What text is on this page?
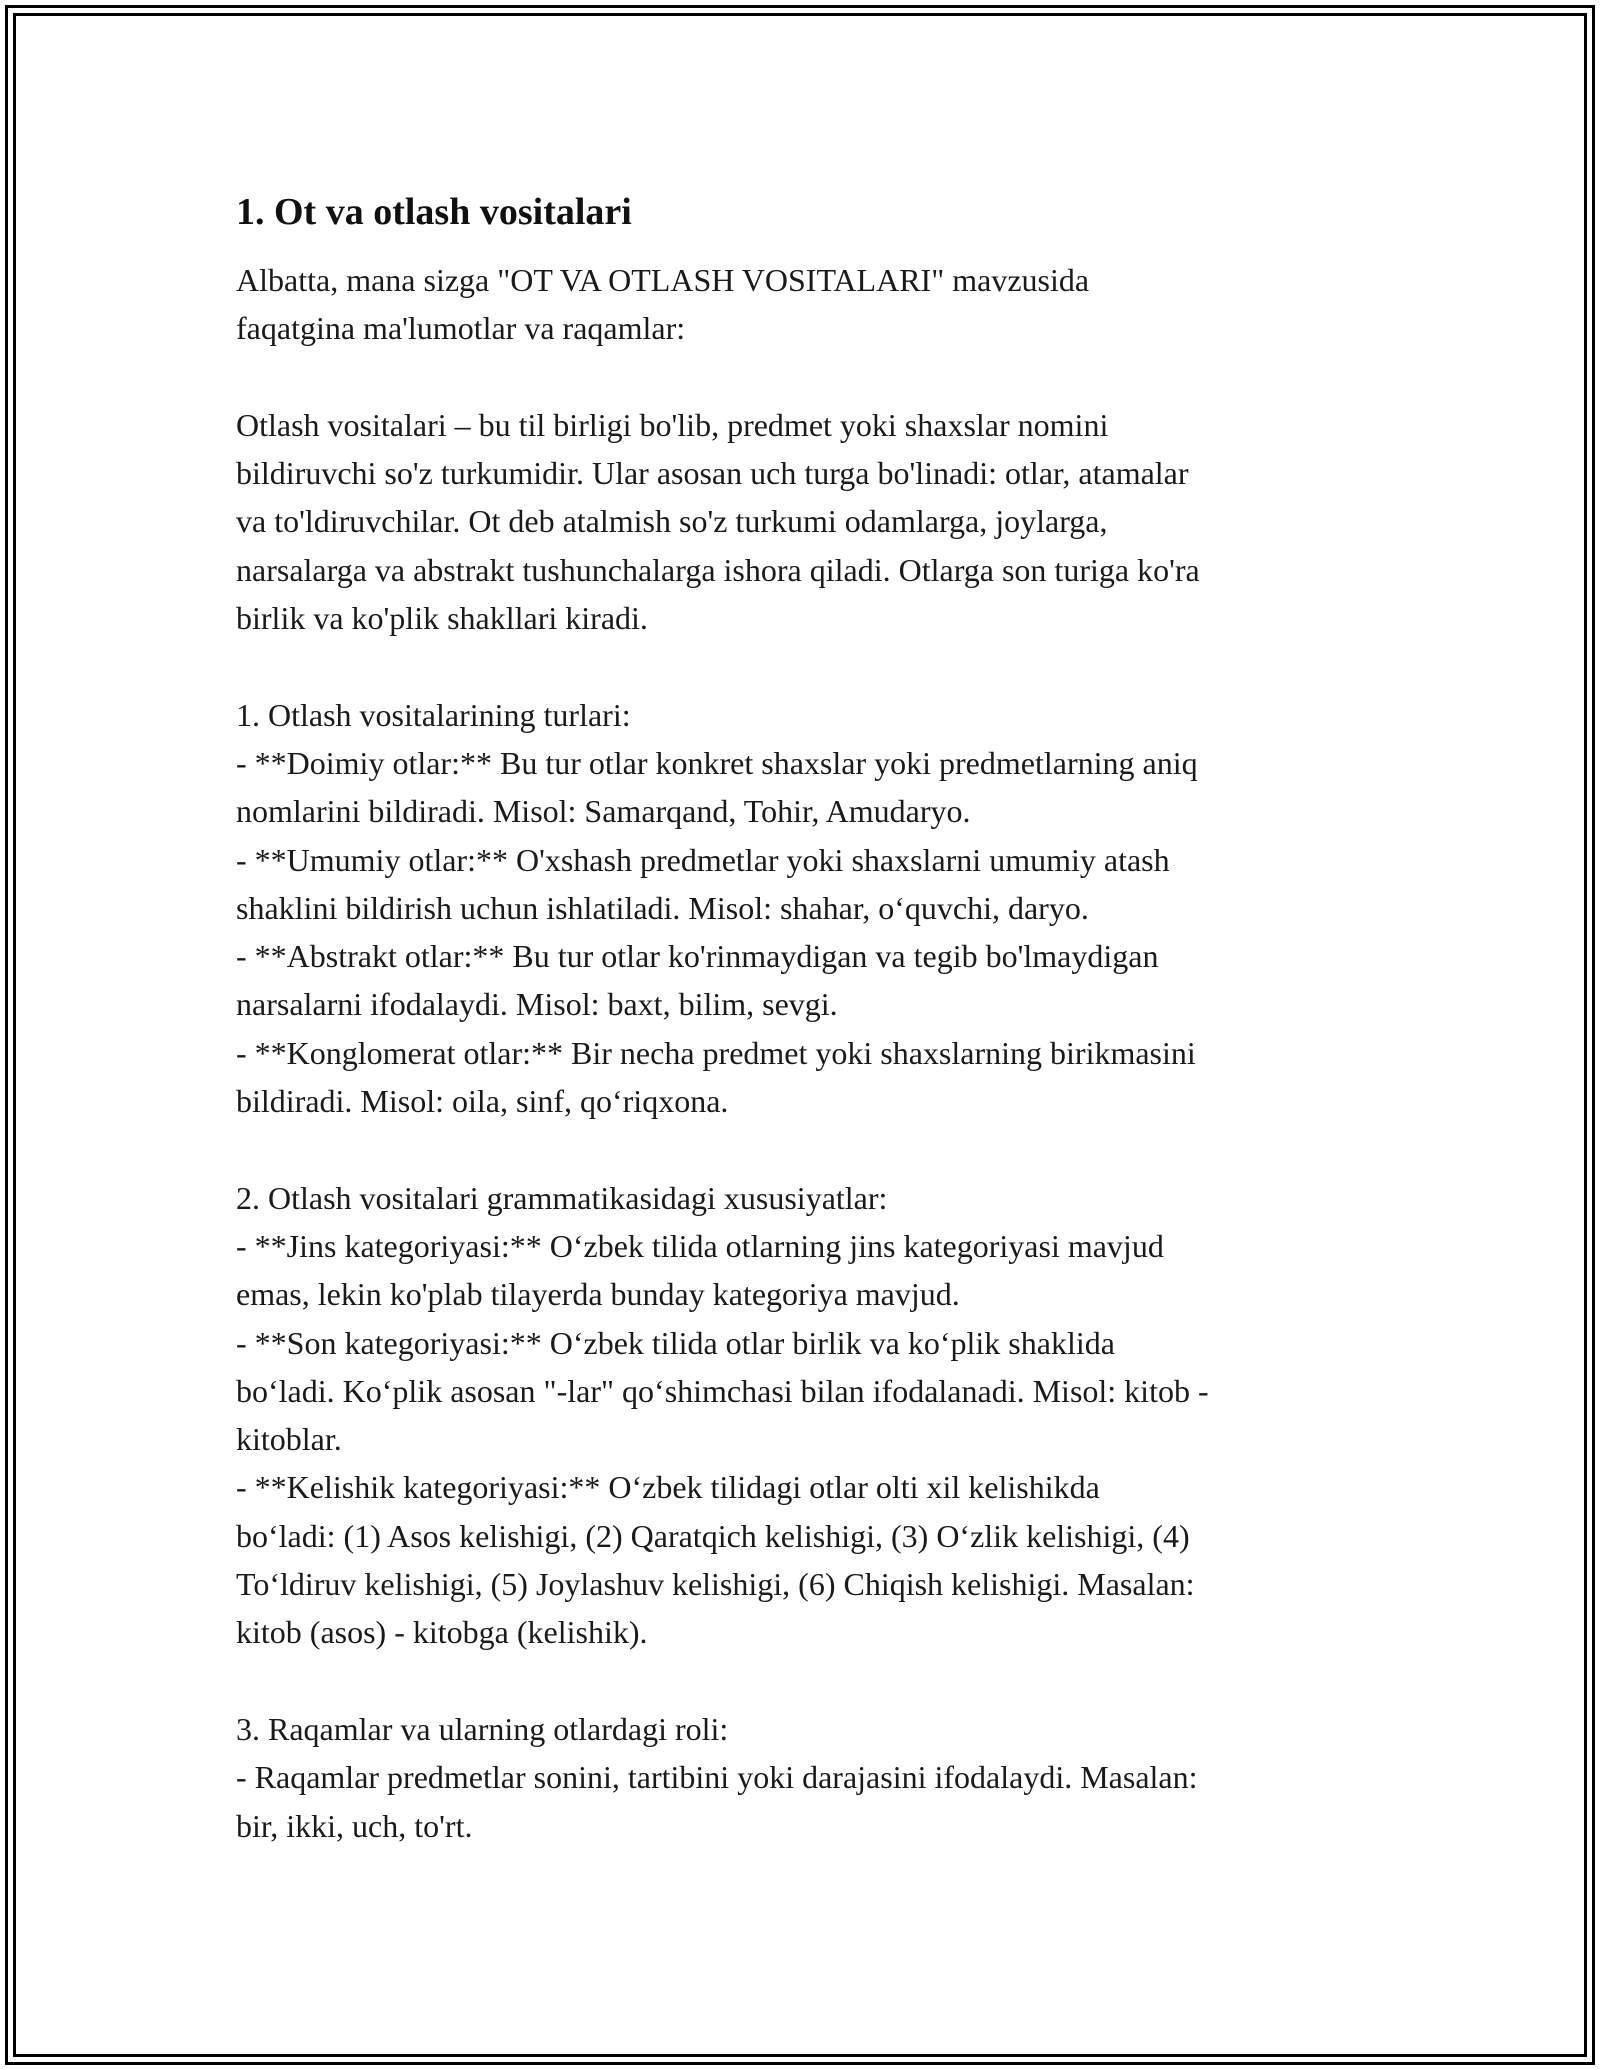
1. Ot va otlash vositalari

Albatta, mana sizga "OT VA OTLASH VOSITALARI" mavzusida
faqatgina ma'lumotlar va raqamlar:

Otlash vositalari – bu til birligi bo'lib, predmet yoki shaxslar nomini
bildiruvchi so'z turkumidir. Ular asosan uch turga bo'linadi: otlar, atamalar
va to'ldiruvchilar. Ot deb atalmish so'z turkumi odamlarga, joylarga,
narsalarga va abstrakt tushunchalarga ishora qiladi. Otlarga son turiga ko'ra
birlik va ko'plik shakllari kiradi.

1. Otlash vositalarining turlari:
- **Doimiy otlar:** Bu tur otlar konkret shaxslar yoki predmetlarning aniq
nomlarini bildiradi. Misol: Samarqand, Tohir, Amudaryo.
- **Umumiy otlar:** O'xshash predmetlar yoki shaxslarni umumiy atash
shaklini bildirish uchun ishlatiladi. Misol: shahar, o‘quvchi, daryo.
- **Abstrakt otlar:** Bu tur otlar ko'rinmaydigan va tegib bo'lmaydigan
narsalarni ifodalaydi. Misol: baxt, bilim, sevgi.
- **Konglomerat otlar:** Bir necha predmet yoki shaxslarning birikmasini
bildiradi. Misol: oila, sinf, qo‘riqxona.

2. Otlash vositalari grammatikasidagi xususiyatlar:
- **Jins kategoriyasi:** O‘zbek tilida otlarning jins kategoriyasi mavjud
emas, lekin ko'plab tilayerda bunday kategoriya mavjud.
- **Son kategoriyasi:** O‘zbek tilida otlar birlik va ko‘plik shaklida
bo‘ladi. Ko‘plik asosan "-lar" qo‘shimchasi bilan ifodalanadi. Misol: kitob -
kitoblar.
- **Kelishik kategoriyasi:** O‘zbek tilidagi otlar olti xil kelishikda
bo‘ladi: (1) Asos kelishigi, (2) Qaratqich kelishigi, (3) O‘zlik kelishigi, (4)
To‘ldiruv kelishigi, (5) Joylashuv kelishigi, (6) Chiqish kelishigi. Masalan:
kitob (asos) - kitobga (kelishik).

3. Raqamlar va ularning otlardagi roli:
- Raqamlar predmetlar sonini, tartibini yoki darajasini ifodalaydi. Masalan:
bir, ikki, uch, to'rt.
